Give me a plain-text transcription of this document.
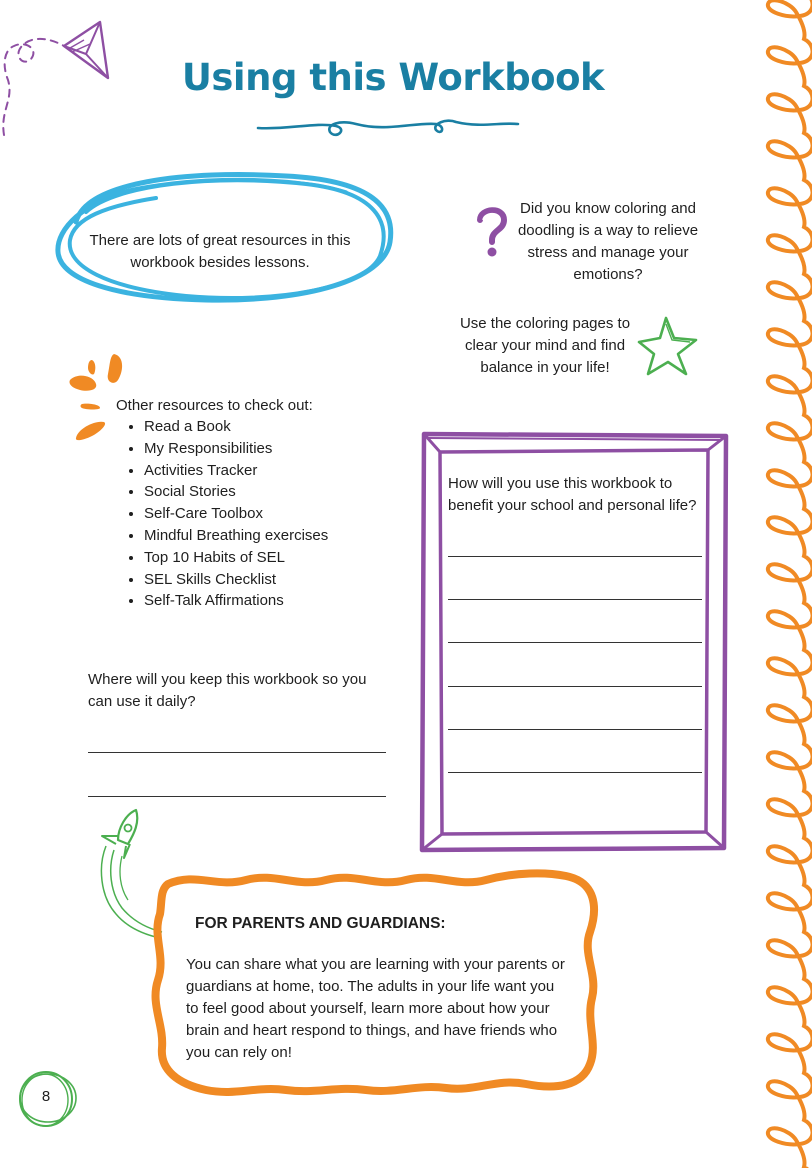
Using this Workbook
There are lots of great resources in this workbook besides lessons.
Did you know coloring and doodling is a way to relieve stress and manage your emotions?
Use the coloring pages to clear your mind and find balance in your life!
Other resources to check out:
• Read a Book
• My Responsibilities
• Activities Tracker
• Social Stories
• Self-Care Toolbox
• Mindful Breathing exercises
• Top 10 Habits of SEL
• SEL Skills Checklist
• Self-Talk Affirmations
How will you use this workbook to benefit your school and personal life?
Where will you keep this workbook so you can use it daily?
FOR PARENTS AND GUARDIANS:
You can share what you are learning with your parents or guardians at home, too. The adults in your life want you to feel good about yourself, learn more about how your brain and heart respond to things, and have friends who you can rely on!
8
